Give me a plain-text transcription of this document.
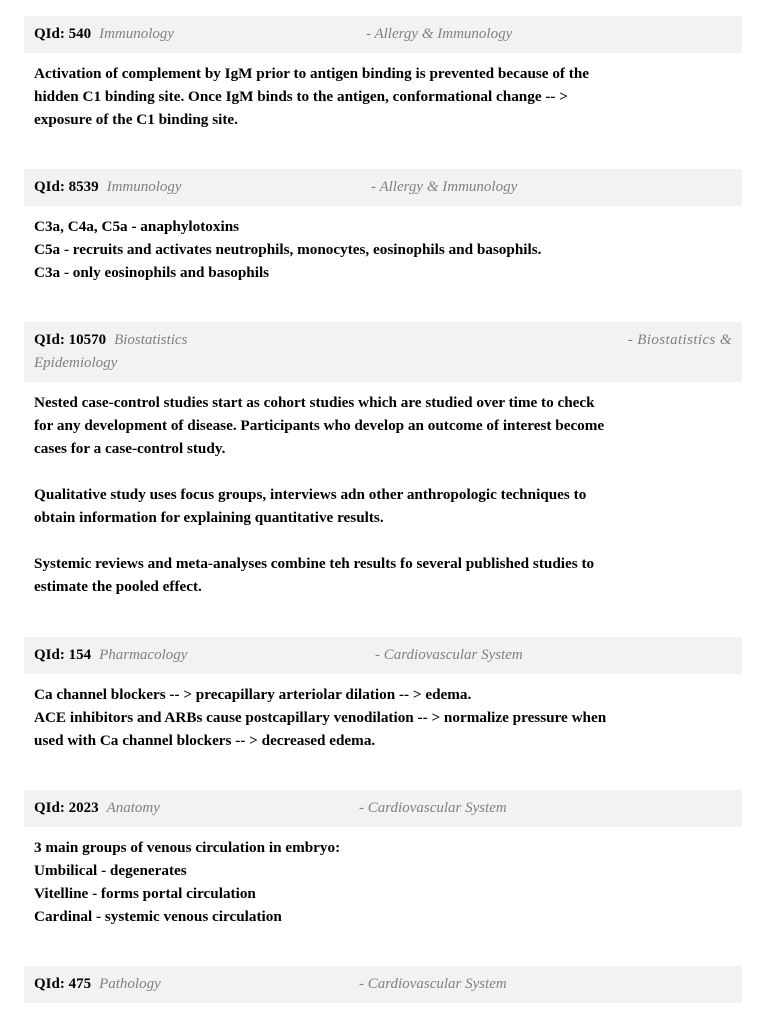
QId: 540 Immunology	- Allergy & Immunology

Activation of complement by IgM prior to antigen binding is prevented because of the
hidden C1 binding site. Once IgM binds to the antigen, conformational change -- >
exposure of the C1 binding site.

QId: 8539 Immunology	- Allergy & Immunology

C3a, C4a, C5a - anaphylotoxins
C5a - recruits and activates neutrophils, monocytes, eosinophils and basophils.
C3a - only eosinophils and basophils

QId: 10570 Biostatistics	- Biostatistics &
Epidemiology

Nested case-control studies start as cohort studies which are studied over time to check
for any development of disease. Participants who develop an outcome of interest become
cases for a case-control study.

Qualitative study uses focus groups, interviews adn other anthropologic techniques to
obtain information for explaining quantitative results.

Systemic reviews and meta-analyses combine teh results fo several published studies to
estimate the pooled effect.

QId: 154 Pharmacology	- Cardiovascular System

Ca channel blockers -- > precapillary arteriolar dilation -- > edema.
ACE inhibitors and ARBs cause postcapillary venodilation -- > normalize pressure when
used with Ca channel blockers -- > decreased edema.

QId: 2023 Anatomy	- Cardiovascular System

3 main groups of venous circulation in embryo:
Umbilical - degenerates
Vitelline - forms portal circulation
Cardinal - systemic venous circulation

QId: 475 Pathology	- Cardiovascular System
